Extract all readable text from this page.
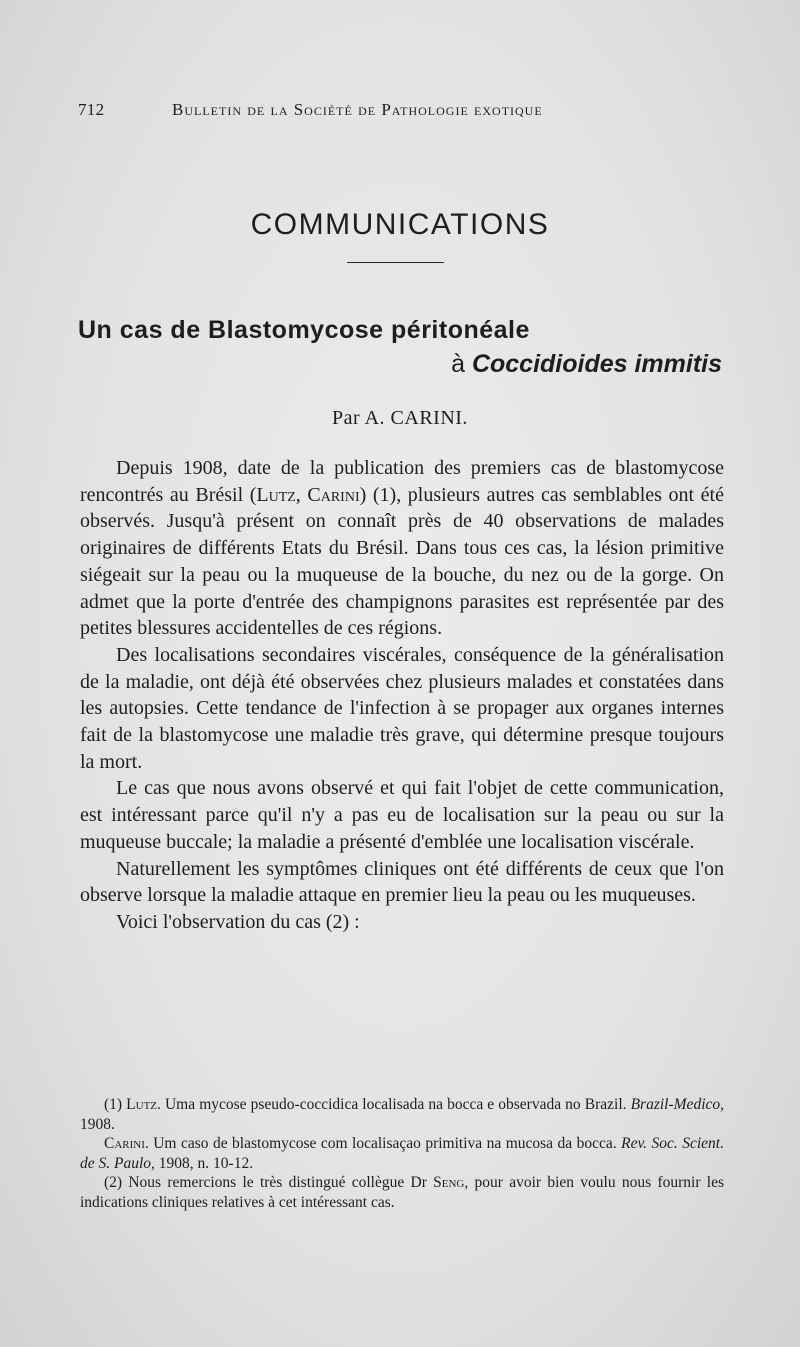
712	Bulletin de la Société de Pathologie exotique
COMMUNICATIONS
Un cas de Blastomycose péritonéale
à Coccidioides immitis
Par A. CARINI.

Depuis 1908, date de la publication des premiers cas de blastomycose rencontrés au Brésil (Lutz, Carini) (1), plusieurs autres cas semblables ont été observés. Jusqu'à présent on connaît près de 40 observations de malades originaires de différents Etats du Brésil. Dans tous ces cas, la lésion primitive siégeait sur la peau ou la muqueuse de la bouche, du nez ou de la gorge. On admet que la porte d'entrée des champignons parasites est représentée par des petites blessures accidentelles de ces régions.

Des localisations secondaires viscérales, conséquence de la généralisation de la maladie, ont déjà été observées chez plusieurs malades et constatées dans les autopsies. Cette tendance de l'infection à se propager aux organes internes fait de la blastomycose une maladie très grave, qui détermine presque toujours la mort.

Le cas que nous avons observé et qui fait l'objet de cette communication, est intéressant parce qu'il n'y a pas eu de localisation sur la peau ou sur la muqueuse buccale; la maladie a présenté d'emblée une localisation viscérale.

Naturellement les symptômes cliniques ont été différents de ceux que l'on observe lorsque la maladie attaque en premier lieu la peau ou les muqueuses.

Voici l'observation du cas (2) :

(1) Lutz. Uma mycose pseudo-coccidica localisada na bocca e observada no Brazil. Brazil-Medico, 1908.

Carini. Um caso de blastomycose com localisaçao primitiva na mucosa da bocca. Rev. Soc. Scient. de S. Paulo, 1908, n. 10-12.

(2) Nous remercions le très distingué collègue Dr Seng, pour avoir bien voulu nous fournir les indications cliniques relatives à cet intéressant cas.
